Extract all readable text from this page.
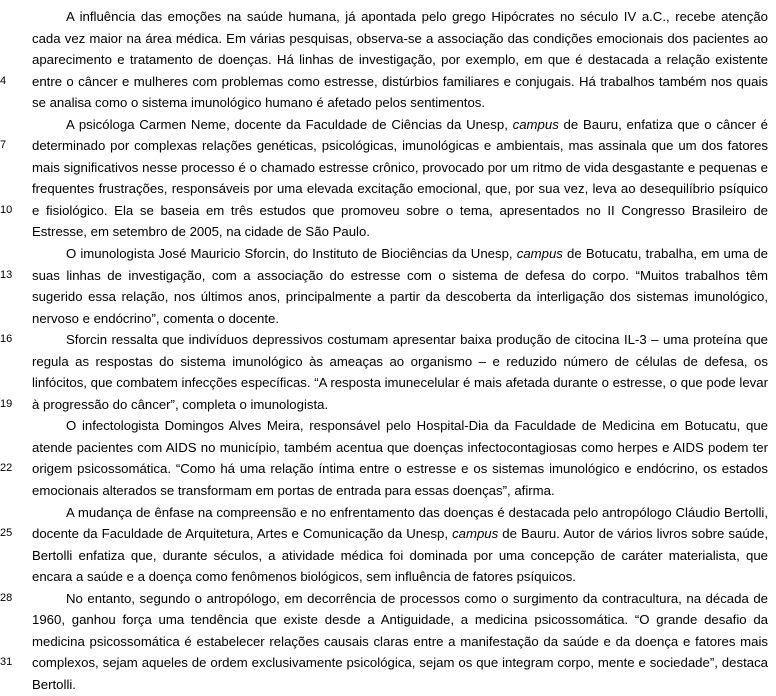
4
7
10
13
16
19
22
25
28
31

A influência das emoções na saúde humana, já apontada pelo grego Hipócrates no século IV a.C., recebe atenção cada vez maior na área médica. Em várias pesquisas, observa-se a associação das condições emocionais dos pacientes ao aparecimento e tratamento de doenças. Há linhas de investigação, por exemplo, em que é destacada a relação existente entre o câncer e mulheres com problemas como estresse, distúrbios familiares e conjugais. Há trabalhos também nos quais se analisa como o sistema imunológico humano é afetado pelos sentimentos.

A psicóloga Carmen Neme, docente da Faculdade de Ciências da Unesp, campus de Bauru, enfatiza que o câncer é determinado por complexas relações genéticas, psicológicas, imunológicas e ambientais, mas assinala que um dos fatores mais significativos nesse processo é o chamado estresse crônico, provocado por um ritmo de vida desgastante e pequenas e frequentes frustrações, responsáveis por uma elevada excitação emocional, que, por sua vez, leva ao desequilíbrio psíquico e fisiológico. Ela se baseia em três estudos que promoveu sobre o tema, apresentados no II Congresso Brasileiro de Estresse, em setembro de 2005, na cidade de São Paulo.

O imunologista José Mauricio Sforcin, do Instituto de Biociências da Unesp, campus de Botucatu, trabalha, em uma de suas linhas de investigação, com a associação do estresse com o sistema de defesa do corpo. “Muitos trabalhos têm sugerido essa relação, nos últimos anos, principalmente a partir da descoberta da interligação dos sistemas imunológico, nervoso e endócrino”, comenta o docente.

Sforcin ressalta que indivíduos depressivos costumam apresentar baixa produção de citocina IL-3 – uma proteína que regula as respostas do sistema imunológico às ameaças ao organismo – e reduzido número de células de defesa, os linfócitos, que combatem infecções específicas. “A resposta imunecelular é mais afetada durante o estresse, o que pode levar à progressão do câncer”, completa o imunologista.

O infectologista Domingos Alves Meira, responsável pelo Hospital-Dia da Faculdade de Medicina em Botucatu, que atende pacientes com AIDS no município, também acentua que doenças infectocontagiosas como herpes e AIDS podem ter origem psicossomática. “Como há uma relação íntima entre o estresse e os sistemas imunológico e endócrino, os estados emocionais alterados se transformam em portas de entrada para essas doenças”, afirma.

A mudança de ênfase na compreensão e no enfrentamento das doenças é destacada pelo antropólogo Cláudio Bertolli, docente da Faculdade de Arquitetura, Artes e Comunicação da Unesp, campus de Bauru. Autor de vários livros sobre saúde, Bertolli enfatiza que, durante séculos, a atividade médica foi dominada por uma concepção de caráter materialista, que encara a saúde e a doença como fenômenos biológicos, sem influência de fatores psíquicos.

No entanto, segundo o antropólogo, em decorrência de processos como o surgimento da contracultura, na década de 1960, ganhou força uma tendência que existe desde a Antiguidade, a medicina psicossomática. “O grande desafio da medicina psicossomática é estabelecer relações causais claras entre a manifestação da saúde e da doença e fatores mais complexos, sejam aqueles de ordem exclusivamente psicológica, sejam os que integram corpo, mente e sociedade”, destaca Bertolli.
